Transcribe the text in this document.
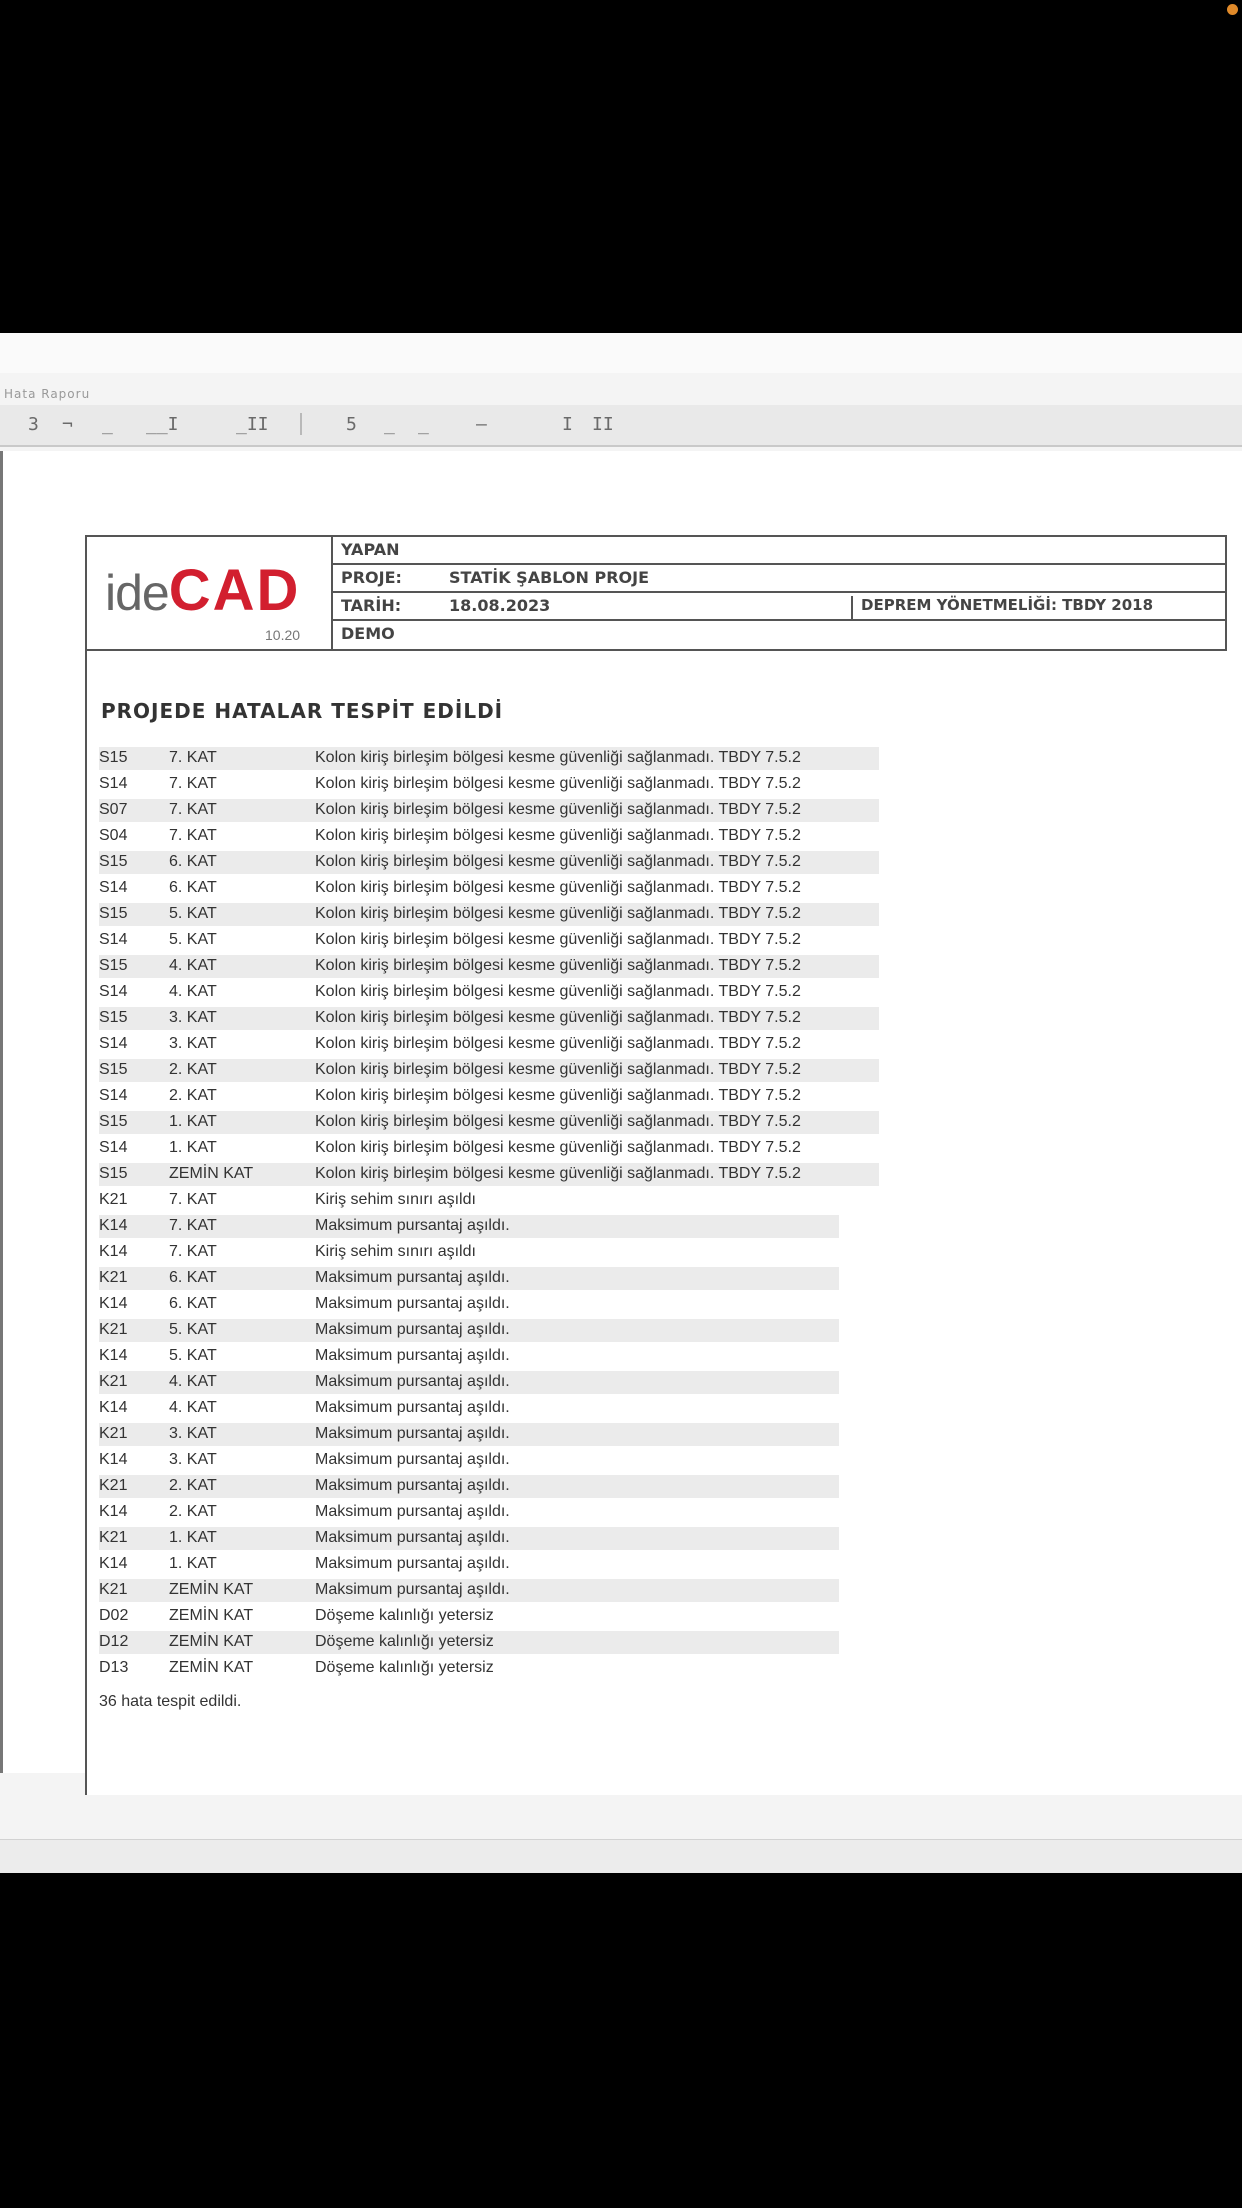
Hata Raporu
3 ¬ _ __I	_II	5 _ _	—	I II
ideCAD
10.20
YAPAN
PROJE:	STATİK ŞABLON PROJE
TARİH:	18.08.2023	DEPREM YÖNETMELİĞİ: TBDY 2018
DEMO
PROJEDE HATALAR TESPİT EDİLDİ
S15	7. KAT	Kolon kiriş birleşim bölgesi kesme güvenliği sağlanmadı. TBDY 7.5.2
S14	7. KAT	Kolon kiriş birleşim bölgesi kesme güvenliği sağlanmadı. TBDY 7.5.2
S07	7. KAT	Kolon kiriş birleşim bölgesi kesme güvenliği sağlanmadı. TBDY 7.5.2
S04	7. KAT	Kolon kiriş birleşim bölgesi kesme güvenliği sağlanmadı. TBDY 7.5.2
S15	6. KAT	Kolon kiriş birleşim bölgesi kesme güvenliği sağlanmadı. TBDY 7.5.2
S14	6. KAT	Kolon kiriş birleşim bölgesi kesme güvenliği sağlanmadı. TBDY 7.5.2
S15	5. KAT	Kolon kiriş birleşim bölgesi kesme güvenliği sağlanmadı. TBDY 7.5.2
S14	5. KAT	Kolon kiriş birleşim bölgesi kesme güvenliği sağlanmadı. TBDY 7.5.2
S15	4. KAT	Kolon kiriş birleşim bölgesi kesme güvenliği sağlanmadı. TBDY 7.5.2
S14	4. KAT	Kolon kiriş birleşim bölgesi kesme güvenliği sağlanmadı. TBDY 7.5.2
S15	3. KAT	Kolon kiriş birleşim bölgesi kesme güvenliği sağlanmadı. TBDY 7.5.2
S14	3. KAT	Kolon kiriş birleşim bölgesi kesme güvenliği sağlanmadı. TBDY 7.5.2
S15	2. KAT	Kolon kiriş birleşim bölgesi kesme güvenliği sağlanmadı. TBDY 7.5.2
S14	2. KAT	Kolon kiriş birleşim bölgesi kesme güvenliği sağlanmadı. TBDY 7.5.2
S15	1. KAT	Kolon kiriş birleşim bölgesi kesme güvenliği sağlanmadı. TBDY 7.5.2
S14	1. KAT	Kolon kiriş birleşim bölgesi kesme güvenliği sağlanmadı. TBDY 7.5.2
S15	ZEMİN KAT	Kolon kiriş birleşim bölgesi kesme güvenliği sağlanmadı. TBDY 7.5.2
K21	7. KAT	Kiriş sehim sınırı aşıldı
K14	7. KAT	Maksimum pursantaj aşıldı.
K14	7. KAT	Kiriş sehim sınırı aşıldı
K21	6. KAT	Maksimum pursantaj aşıldı.
K14	6. KAT	Maksimum pursantaj aşıldı.
K21	5. KAT	Maksimum pursantaj aşıldı.
K14	5. KAT	Maksimum pursantaj aşıldı.
K21	4. KAT	Maksimum pursantaj aşıldı.
K14	4. KAT	Maksimum pursantaj aşıldı.
K21	3. KAT	Maksimum pursantaj aşıldı.
K14	3. KAT	Maksimum pursantaj aşıldı.
K21	2. KAT	Maksimum pursantaj aşıldı.
K14	2. KAT	Maksimum pursantaj aşıldı.
K21	1. KAT	Maksimum pursantaj aşıldı.
K14	1. KAT	Maksimum pursantaj aşıldı.
K21	ZEMİN KAT	Maksimum pursantaj aşıldı.
D02	ZEMİN KAT	Döşeme kalınlığı yetersiz
D12	ZEMİN KAT	Döşeme kalınlığı yetersiz
D13	ZEMİN KAT	Döşeme kalınlığı yetersiz
36 hata tespit edildi.
